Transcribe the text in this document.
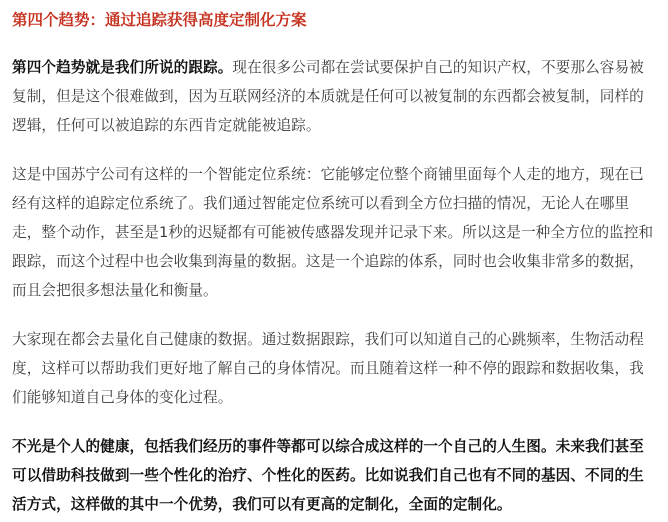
第四个趋势：通过追踪获得高度定制化方案

第四个趋势就是我们所说的跟踪。现在很多公司都在尝试要保护自己的知识产权，不要那么容易被复制，但是这个很难做到，因为互联网经济的本质就是任何可以被复制的东西都会被复制，同样的逻辑，任何可以被追踪的东西肯定就能被追踪。

这是中国苏宁公司有这样的一个智能定位系统：它能够定位整个商铺里面每个人走的地方，现在已经有这样的追踪定位系统了。我们通过智能定位系统可以看到全方位扫描的情况，无论人在哪里走，整个动作，甚至是1秒的迟疑都有可能被传感器发现并记录下来。所以这是一种全方位的监控和跟踪，而这个过程中也会收集到海量的数据。这是一个追踪的体系，同时也会收集非常多的数据，而且会把很多想法量化和衡量。

大家现在都会去量化自己健康的数据。通过数据跟踪，我们可以知道自己的心跳频率，生物活动程度，这样可以帮助我们更好地了解自己的身体情况。而且随着这样一种不停的跟踪和数据收集，我们能够知道自己身体的变化过程。

不光是个人的健康，包括我们经历的事件等都可以综合成这样的一个自己的人生图。未来我们甚至可以借助科技做到一些个性化的治疗、个性化的医药。比如说我们自己也有不同的基因、不同的生活方式，这样做的其中一个优势，我们可以有更高的定制化，全面的定制化。
